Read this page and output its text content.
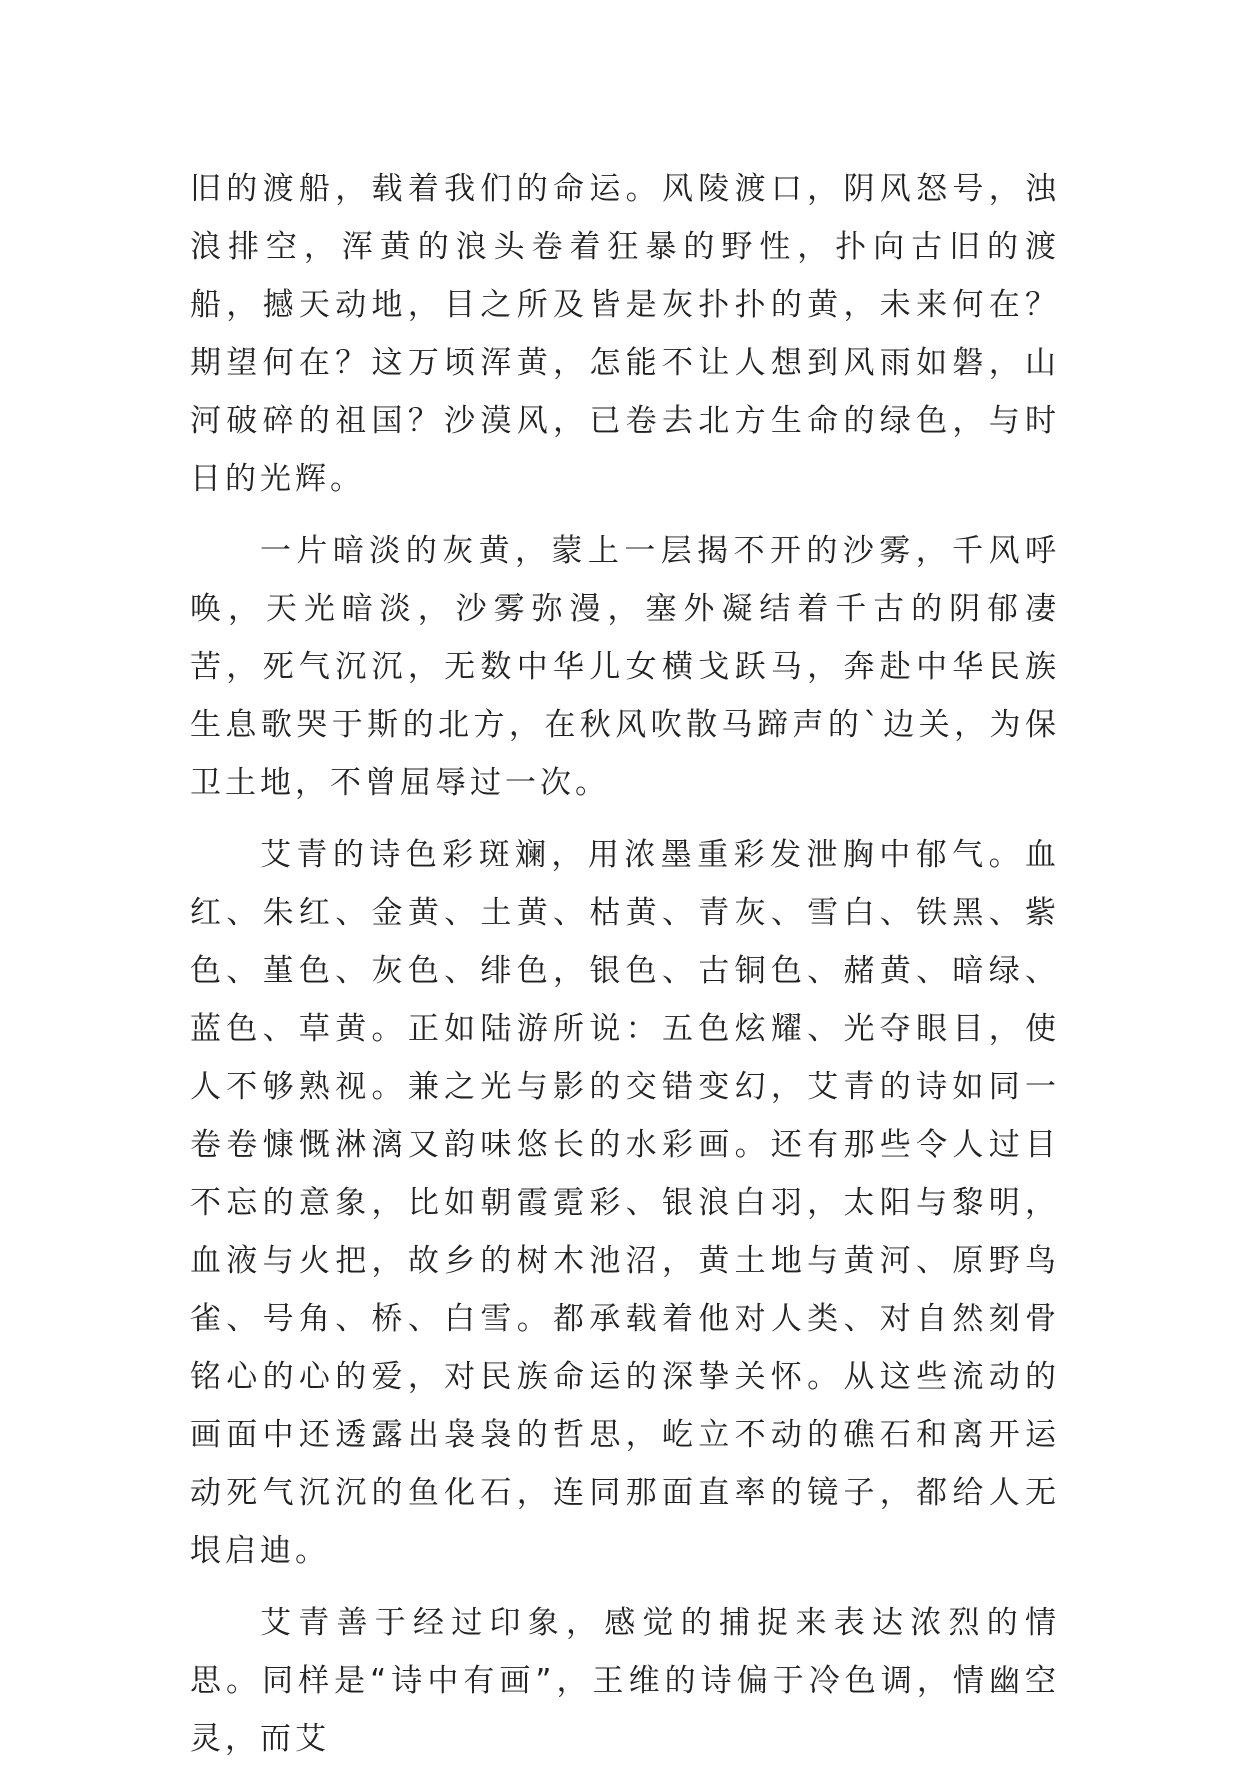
旧的渡船，载着我们的命运。风陵渡口，阴风怒号，浊浪排空，浑黄的浪头卷着狂暴的野性，扑向古旧的渡船，撼天动地，目之所及皆是灰扑扑的黄，未来何在？期望何在？这万顷浑黄，怎能不让人想到风雨如磐，山河破碎的祖国？沙漠风，已卷去北方生命的绿色，与时日的光辉。

一片暗淡的灰黄，蒙上一层揭不开的沙雾，千风呼唤，天光暗淡，沙雾弥漫，塞外凝结着千古的阴郁凄苦，死气沉沉，无数中华儿女横戈跃马，奔赴中华民族生息歌哭于斯的北方，在秋风吹散马蹄声的`边关，为保卫土地，不曾屈辱过一次。

艾青的诗色彩斑斓，用浓墨重彩发泄胸中郁气。血红、朱红、金黄、土黄、枯黄、青灰、雪白、铁黑、紫色、堇色、灰色、绯色，银色、古铜色、赭黄、暗绿、蓝色、草黄。正如陆游所说：五色炫耀、光夺眼目，使人不够熟视。兼之光与影的交错变幻，艾青的诗如同一卷卷慷慨淋漓又韵味悠长的水彩画。还有那些令人过目不忘的意象，比如朝霞霓彩、银浪白羽，太阳与黎明，血液与火把，故乡的树木池沼，黄土地与黄河、原野鸟雀、号角、桥、白雪。都承载着他对人类、对自然刻骨铭心的心的爱，对民族命运的深挚关怀。从这些流动的画面中还透露出袅袅的哲思，屹立不动的礁石和离开运动死气沉沉的鱼化石，连同那面直率的镜子，都给人无垠启迪。

艾青善于经过印象，感觉的捕捉来表达浓烈的情思。同样是“诗中有画”，王维的诗偏于冷色调，情幽空灵，而艾
